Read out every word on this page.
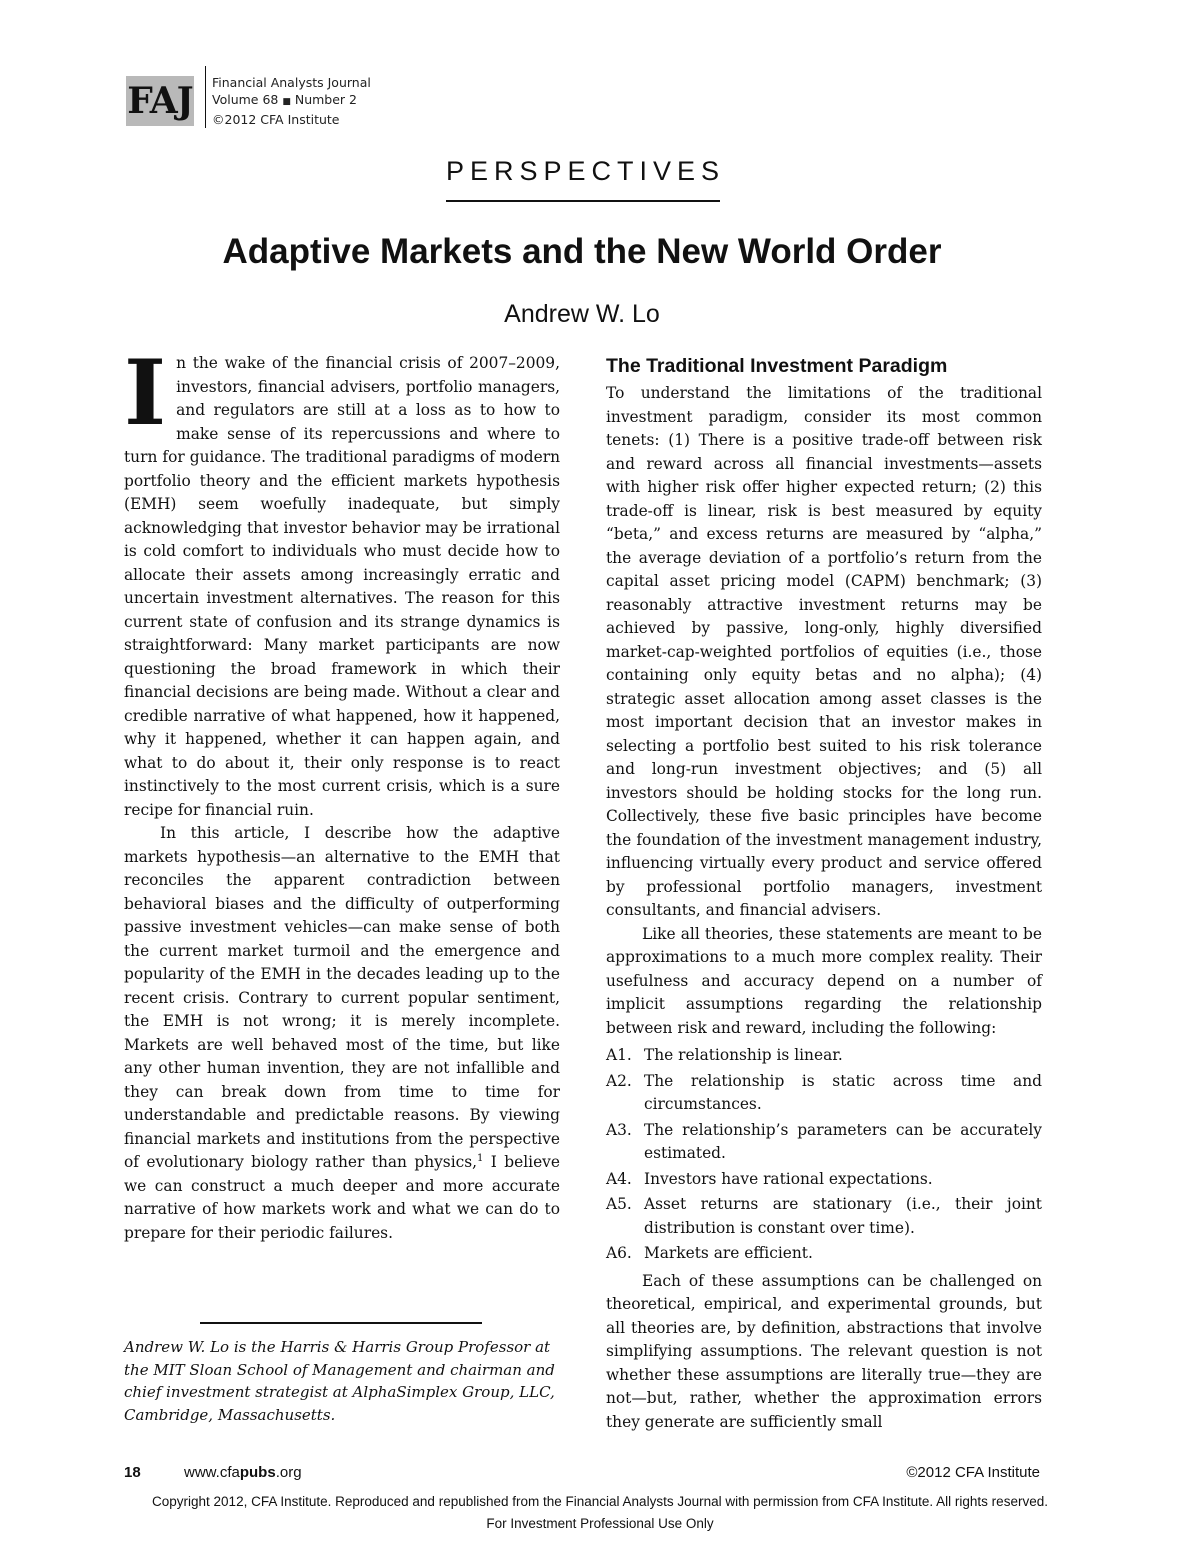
FAJ Financial Analysts Journal
Volume 68 ■ Number 2
©2012 CFA Institute
PERSPECTIVES
Adaptive Markets and the New World Order
Andrew W. Lo

In the wake of the financial crisis of 2007–2009, investors, financial advisers, portfolio managers, and regulators are still at a loss as to how to make sense of its repercussions and where to turn for guidance. The traditional paradigms of modern portfolio theory and the efficient markets hypothesis (EMH) seem woefully inadequate, but simply acknowledging that investor behavior may be irrational is cold comfort to individuals who must decide how to allocate their assets among increasingly erratic and uncertain investment alternatives. The reason for this current state of confusion and its strange dynamics is straightforward: Many market participants are now questioning the broad framework in which their financial decisions are being made. Without a clear and credible narrative of what happened, how it happened, why it happened, whether it can happen again, and what to do about it, their only response is to react instinctively to the most current crisis, which is a sure recipe for financial ruin.

In this article, I describe how the adaptive markets hypothesis—an alternative to the EMH that reconciles the apparent contradiction between behavioral biases and the difficulty of outperforming passive investment vehicles—can make sense of both the current market turmoil and the emergence and popularity of the EMH in the decades leading up to the recent crisis. Contrary to current popular sentiment, the EMH is not wrong; it is merely incomplete. Markets are well behaved most of the time, but like any other human invention, they are not infallible and they can break down from time to time for understandable and predictable reasons. By viewing financial markets and institutions from the perspective of evolutionary biology rather than physics,$^1$ I believe we can construct a much deeper and more accurate narrative of how markets work and what we can do to prepare for their periodic failures.

Andrew W. Lo is the Harris & Harris Group Professor at the MIT Sloan School of Management and chairman and chief investment strategist at AlphaSimplex Group, LLC, Cambridge, Massachusetts.
The Traditional Investment Paradigm

To understand the limitations of the traditional investment paradigm, consider its most common tenets: (1) There is a positive trade-off between risk and reward across all financial investments—assets with higher risk offer higher expected return; (2) this trade-off is linear, risk is best measured by equity “beta,” and excess returns are measured by “alpha,” the average deviation of a portfolio’s return from the capital asset pricing model (CAPM) benchmark; (3) reasonably attractive investment returns may be achieved by passive, long-only, highly diversified market-cap-weighted portfolios of equities (i.e., those containing only equity betas and no alpha); (4) strategic asset allocation among asset classes is the most important decision that an investor makes in selecting a portfolio best suited to his risk tolerance and long-run investment objectives; and (5) all investors should be holding stocks for the long run. Collectively, these five basic principles have become the foundation of the investment management industry, influencing virtually every product and service offered by professional portfolio managers, investment consultants, and financial advisers.

Like all theories, these statements are meant to be approximations to a much more complex reality. Their usefulness and accuracy depend on a number of implicit assumptions regarding the relationship between risk and reward, including the following:

A1. The relationship is linear.
A2. The relationship is static across time and circumstances.
A3. The relationship’s parameters can be accurately estimated.
A4. Investors have rational expectations.
A5. Asset returns are stationary (i.e., their joint distribution is constant over time).
A6. Markets are efficient.

Each of these assumptions can be challenged on theoretical, empirical, and experimental grounds, but all theories are, by definition, abstractions that involve simplifying assumptions. The relevant question is not whether these assumptions are literally true—they are not—but, rather, whether the approximation errors they generate are sufficiently small

18	www.cfapubs.org	©2012 CFA Institute
Copyright 2012, CFA Institute. Reproduced and republished from the Financial Analysts Journal with permission from CFA Institute. All rights reserved.
For Investment Professional Use Only
